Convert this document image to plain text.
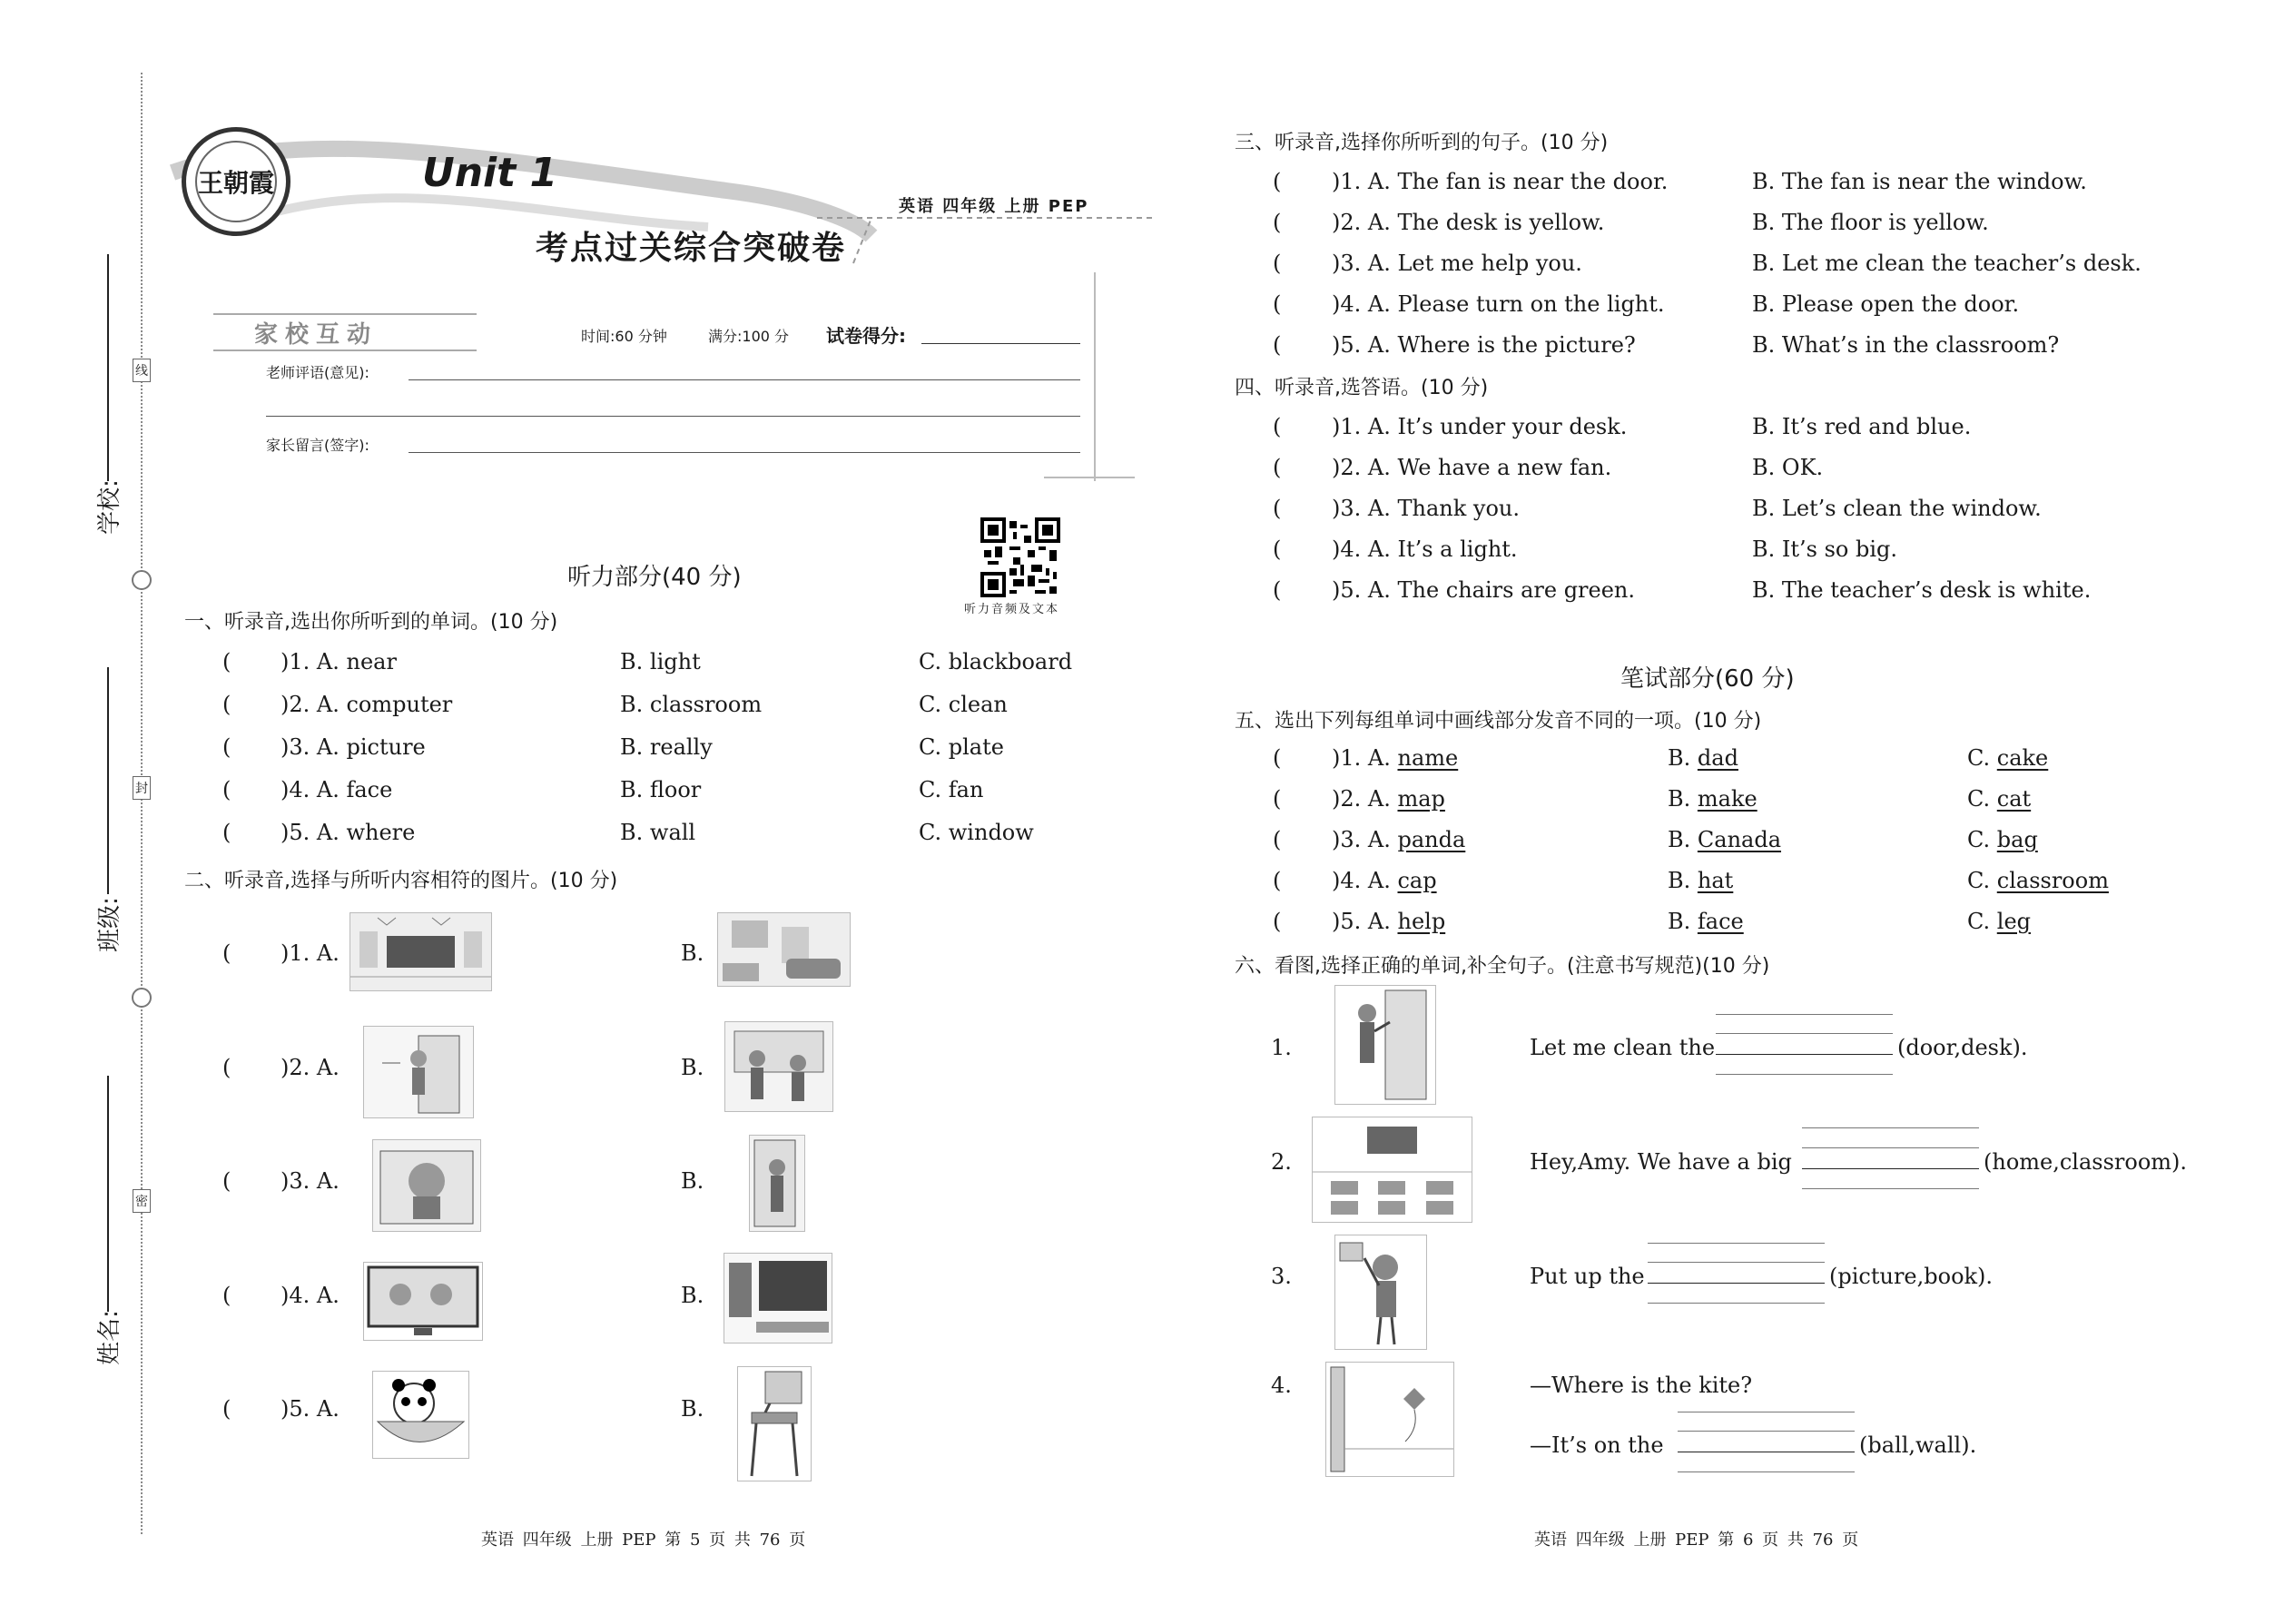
学校:
班级:
姓名:
线
封
密
王朝霞	Unit 1
考点过关综合突破卷
英语 四年级 上册 PEP
家校互动	时间:60 分钟	满分:100 分 试卷得分:
老师评语(意见):
家长留言(签字):
听力音频及文本
听力部分(40 分)
一、听录音,选出你所听到的单词。(10 分)
( )1. A. near	B. light	C. blackboard
( )2. A. computer	B. classroom	C. clean
( )3. A. picture	B. really	C. plate
( )4. A. face	B. floor	C. fan
( )5. A. where	B. wall	C. window
二、听录音,选择与所听内容相符的图片。(10 分)
( )1. A.	B.
( )2. A.	B.
( )3. A.	B.
( )4. A.	B.
( )5. A.	B.
三、听录音,选择你所听到的句子。(10 分)
( )1. A. The fan is near the door.	B. The fan is near the window.
( )2. A. The desk is yellow.	B. The floor is yellow.
( )3. A. Let me help you.	B. Let me clean the teacher’s desk.
( )4. A. Please turn on the light.	B. Please open the door.
( )5. A. Where is the picture?	B. What’s in the classroom?
四、听录音,选答语。(10 分)
( )1. A. It’s under your desk.	B. It’s red and blue.
( )2. A. We have a new fan.	B. OK.
( )3. A. Thank you.	B. Let’s clean the window.
( )4. A. It’s a light.	B. It’s so big.
( )5. A. The chairs are green.	B. The teacher’s desk is white.
笔试部分(60 分)
五、选出下列每组单词中画线部分发音不同的一项。(10 分)
( )1. A. name	B. dad	C. cake
( )2. A. map	B. make	C. cat
( )3. A. panda	B. Canada	C. bag
( )4. A. cap	B. hat	C. classroom
( )5. A. help	B. face	C. leg
六、看图,选择正确的单词,补全句子。(注意书写规范)(10 分)
1.	Let me clean the	(door,desk).
2.	Hey,Amy. We have a big	(home,classroom).
3.	Put up the	(picture,book).
4.	—Where is the kite?
—It’s on the	(ball,wall).
英语 四年级 上册 PEP 第 5 页 共 76 页	英语 四年级 上册 PEP 第 6 页 共 76 页
